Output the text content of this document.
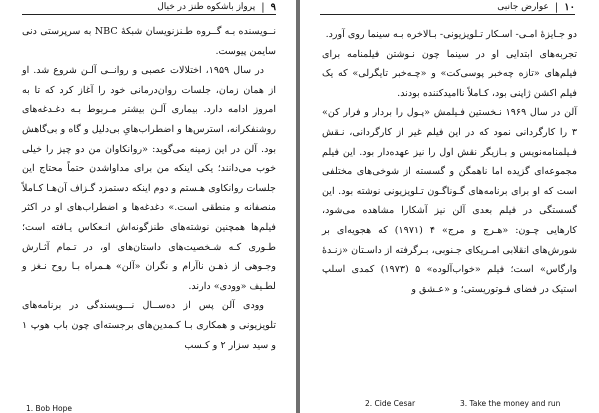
۹
|
پرواز باشکوه طنز در خیال

نــویسنده بـه گــروه طـنزنویسان شبکهٔ NBC به سرپرستی دنی سایمن پیوست.

در سال ۱۹۵۹، اختلالات عصبی و روانــی آلـن شروع شد. او از همان زمان، جلسات روان‌درمانی خود را آغاز کرد که تا به امروز ادامه دارد. بیماری آلـن بیشتر مـربوط بـه دغـدغه‌های روشنفکرانه، استرس‌ها و اضطراب‌هایِ بی‌دلیل و گاه و بی‌گاهش بود. آلن در این زمینه می‌گوید: «روانکاوان من دو چیز را خیلی خوب می‌دانند؛ یکی اینکه من برای مداواشدن حتماً محتاج این جلسات روانکاوی هـستم و دوم اینکه دستمزد گـزاف آن‌هـا کـاملاً منصفانه و منطقی است.» دغدغه‌ها و اضطراب‌های او در اکثر فیلم‌ها همچنین نوشته‌های طنزگونه‌اش انـعکاس یـافته است؛ طـوری کـه شـخصیت‌های داستان‌های او، در تـمام آثـارش وجـوهی از ذهـن ناآرام و نگران «آلن» هـمراه بـا روح نـغز و لطـیف «وودی» دارند.

وودی آلن پس از ده‌ســال نـــویسندگی در برنامه‌های تلویزیونی و همکاری بـا کـمدین‌های برجسته‌ای چون باب هوپ ١ و سید سزار ٢ و کـسب

1. Bob Hope
۱۰
|
عوارض جانبی

دو جـایزهٔ امـی- اسـکار تـلویزیونی- بـالاخره بـه سینما روی آورد.

تجربه‌های ابتدایی او در سینما چون نـوشتن فیلمنامه برای فیلم‌های «تازه چه‌خبر پوسی‌کت» و «چـه‌خبر تایگرلی» که یک فیلم اکشن ژاپنی بود، کـاملاً ناامیدکننده بودند.

آلن در سال ۱۹۶۹ نـخستین فـیلمش «پـول را بردار و فرار کن» ٣ را کارگردانی نمود که در این فیلم غیر از کارگردانی، نـقش فـیلمنامه‌نویس و بـازیگر نقش اول را نیز عهده‌دار بود. این فیلم مجموعه‌ای گزیده اما ناهمگن و گسسته از شوخی‌های مختلفی است که او برای برنامه‌های گـوناگـون تـلویزیونی نوشته بود. این گسستگی در فیلم بعدی آلن نیز آشکارا مشاهده می‌شود، کارهایی چـون: «هـرج و مرج» ۴ (۱۹۷۱) که هجویه‌ای بر شورش‌های انقلابی امـریکای جـنوبی، بـرگرفته از داسـتان «زنـدهٔ وارگاس» است؛ فیلم «خواب‌آلوده» ۵ (۱۹۷۳) کمدی اسلپ استیک در فضای فـوتوریستی؛ و «عـشق و

2. Cide Cesar	3. Take the money and run
